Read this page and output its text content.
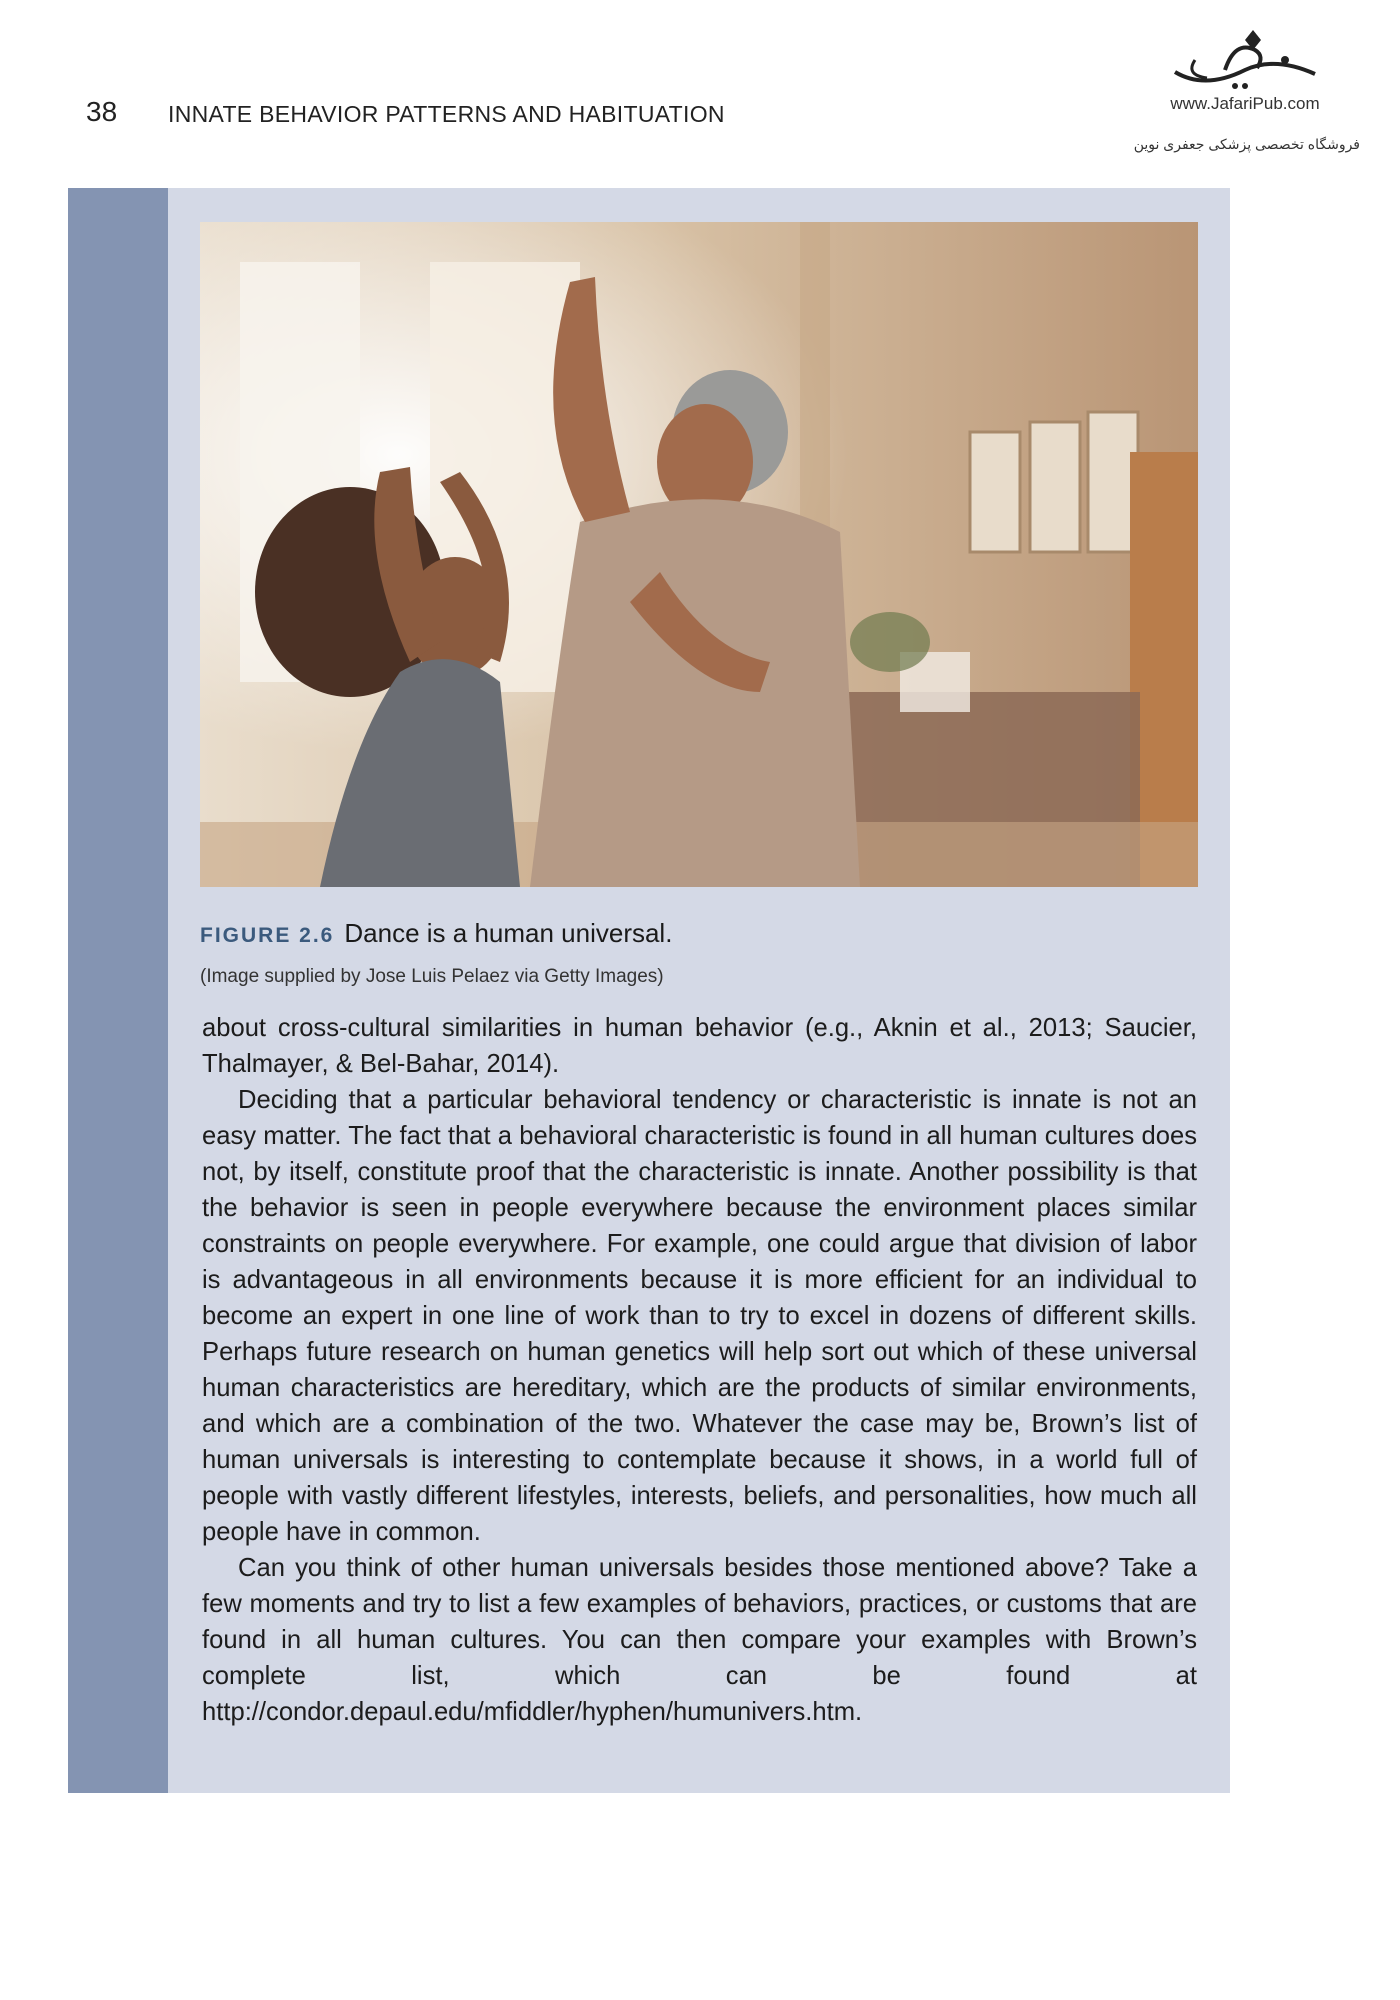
38 INNATE BEHAVIOR PATTERNS AND HABITUATION	www.JafariPub.com
فروشگاه تخصصی پزشکی جعفری نوین
FIGURE 2.6 Dance is a human universal.
(Image supplied by Jose Luis Pelaez via Getty Images)

about cross-cultural similarities in human behavior (e.g., Aknin et al., 2013; Saucier, Thalmayer, & Bel-Bahar, 2014).

Deciding that a particular behavioral tendency or characteristic is innate is not an easy matter. The fact that a behavioral characteristic is found in all human cultures does not, by itself, constitute proof that the characteristic is innate. Another possibility is that the behavior is seen in people everywhere because the environment places similar constraints on people everywhere. For example, one could argue that division of labor is advantageous in all environments because it is more efficient for an individual to become an expert in one line of work than to try to excel in dozens of different skills. Perhaps future research on human genetics will help sort out which of these universal human characteristics are hereditary, which are the products of similar environments, and which are a combination of the two. Whatever the case may be, Brown’s list of human universals is interesting to contemplate because it shows, in a world full of people with vastly different lifestyles, interests, beliefs, and personalities, how much all people have in common.

Can you think of other human universals besides those mentioned above? Take a few moments and try to list a few examples of behaviors, practices, or customs that are found in all human cultures. You can then compare your examples with Brown’s complete list, which can be found at http://condor.depaul.edu/mfiddler/hyphen/humunivers.htm.
